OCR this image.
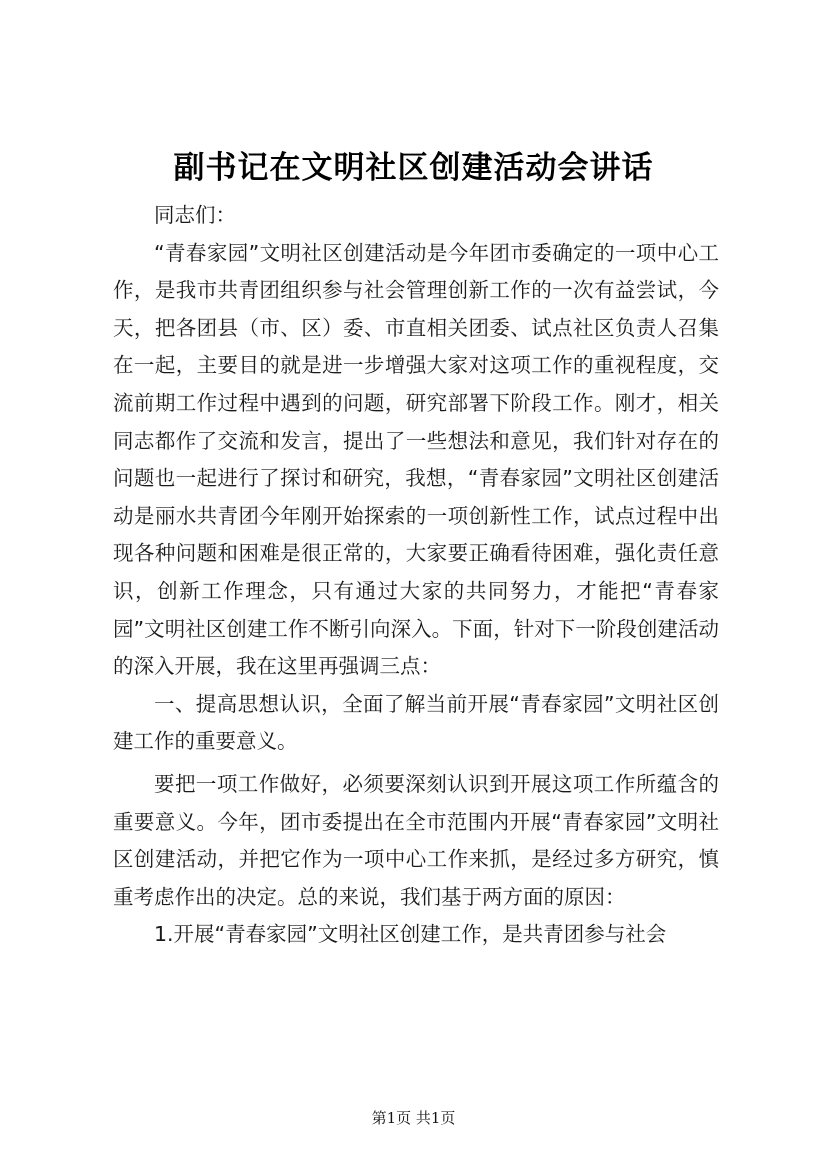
副书记在文明社区创建活动会讲话

同志们：

“青春家园”文明社区创建活动是今年团市委确定的一项中心工作，是我市共青团组织参与社会管理创新工作的一次有益尝试，今天，把各团县（市、区）委、市直相关团委、试点社区负责人召集在一起，主要目的就是进一步增强大家对这项工作的重视程度，交流前期工作过程中遇到的问题，研究部署下阶段工作。刚才，相关同志都作了交流和发言，提出了一些想法和意见，我们针对存在的问题也一起进行了探讨和研究，我想，“青春家园”文明社区创建活动是丽水共青团今年刚开始探索的一项创新性工作，试点过程中出现各种问题和困难是很正常的，大家要正确看待困难，强化责任意识，创新工作理念，只有通过大家的共同努力，才能把“青春家园”文明社区创建工作不断引向深入。下面，针对下一阶段创建活动的深入开展，我在这里再强调三点：

一、提高思想认识，全面了解当前开展“青春家园”文明社区创建工作的重要意义。

要把一项工作做好，必须要深刻认识到开展这项工作所蕴含的重要意义。今年，团市委提出在全市范围内开展“青春家园”文明社区创建活动，并把它作为一项中心工作来抓，是经过多方研究，慎重考虑作出的决定。总的来说，我们基于两方面的原因：

1.开展“青春家园”文明社区创建工作，是共青团参与社会

第1页 共1页
